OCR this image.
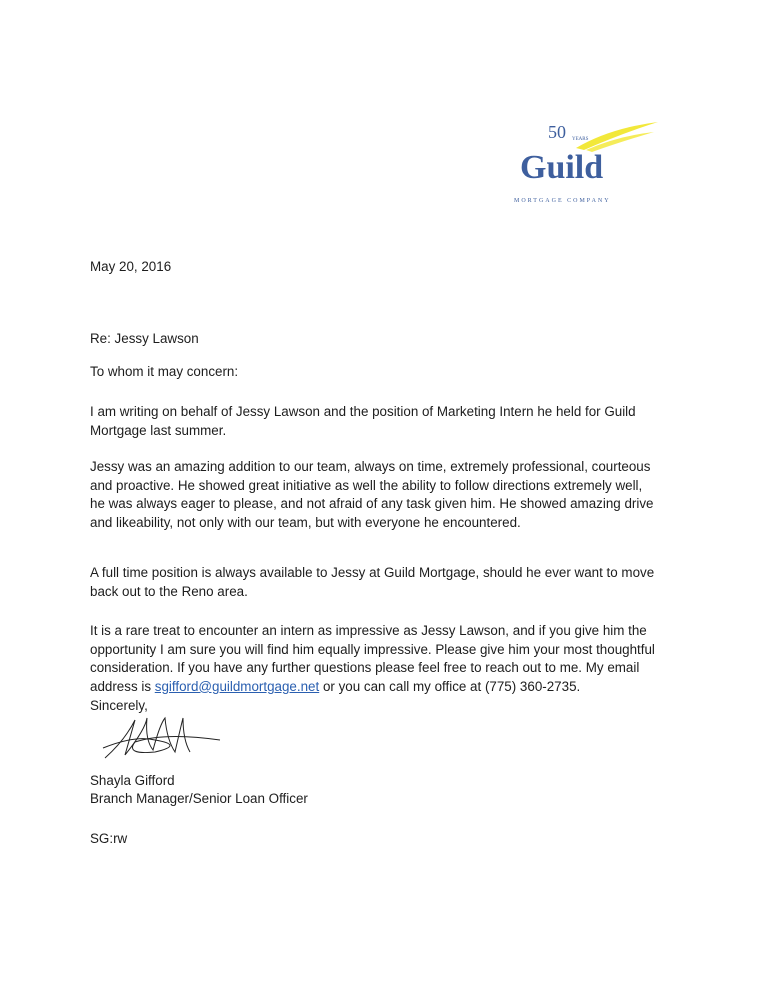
50 YEARS
Guild
MORTGAGE COMPANY
May 20, 2016
Re: Jessy Lawson
To whom it may concern:
I am writing on behalf of Jessy Lawson and the position of Marketing Intern he held for Guild
Mortgage last summer.
Jessy was an amazing addition to our team, always on time, extremely professional, courteous
and proactive. He showed great initiative as well the ability to follow directions extremely well,
he was always eager to please, and not afraid of any task given him. He showed amazing drive
and likeability, not only with our team, but with everyone he encountered.
A full time position is always available to Jessy at Guild Mortgage, should he ever want to move
back out to the Reno area.
It is a rare treat to encounter an intern as impressive as Jessy Lawson, and if you give him the
opportunity I am sure you will find him equally impressive. Please give him your most thoughtful
consideration. If you have any further questions please feel free to reach out to me. My email
address is sgifford@guildmortgage.net or you can call my office at (775) 360-2735.
Sincerely,
Shayla Gifford
Branch Manager/Senior Loan Officer
SG:rw
